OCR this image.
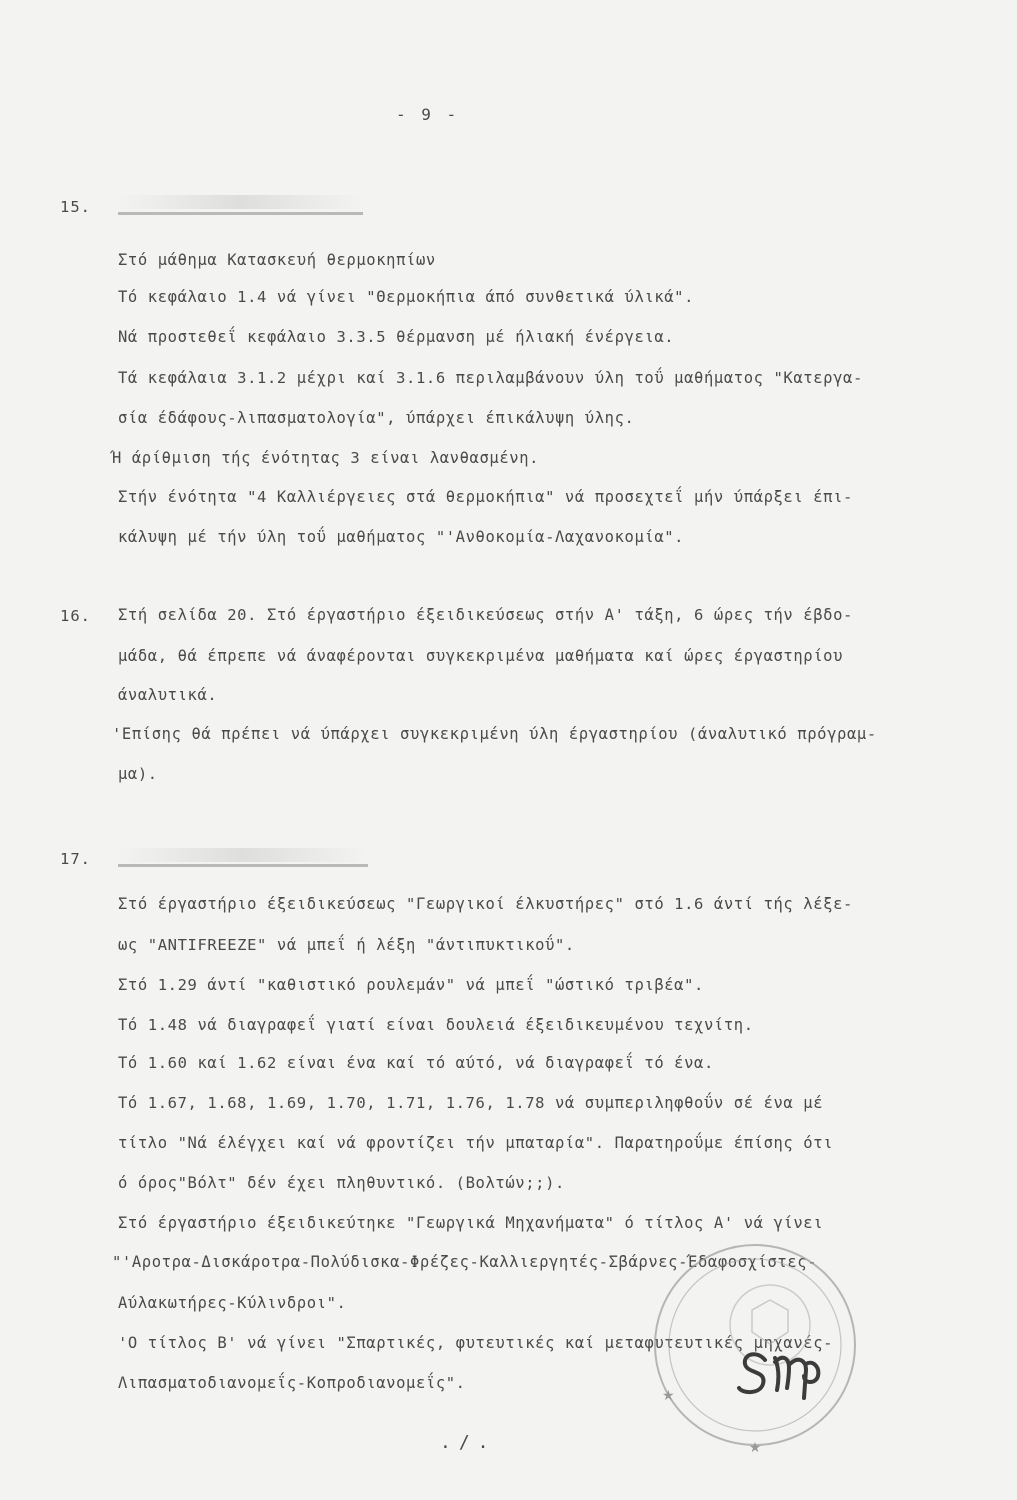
- 9 -
15.
Στό μάθημα Κατασκευή θερμοκηπίων
Τό κεφάλαιο 1.4 νά γίνει "Θερμοκήπια άπό συνθετικά ύλικά".
Νά προστεθεΐ κεφάλαιο 3.3.5 θέρμανση μέ ήλιακή ένέργεια.
Τά κεφάλαια 3.1.2 μέχρι καί 3.1.6 περιλαμβάνουν ύλη τοΰ μαθήματος "Κατεργα-
σία έδάφους-λιπασματολογία", ύπάρχει έπικάλυψη ύλης.
Ή άρίθμιση τής ένότητας 3 είναι λανθασμένη.
Στήν ένότητα "4 Καλλιέργειες στά θερμοκήπια" νά προσεχτεΐ μήν ύπάρξει έπι-
κάλυψη μέ τήν ύλη τοΰ μαθήματος "'Ανθοκομία-Λαχανοκομία".
16. Στή σελίδα 20. Στό έργαστήριο έξειδικεύσεως στήν Α' τάξη, 6 ώρες τήν έβδο-
μάδα, θά έπρεπε νά άναφέρονται συγκεκριμένα μαθήματα καί ώρες έργαστηρίου
άναλυτικά.
'Επίσης θά πρέπει νά ύπάρχει συγκεκριμένη ύλη έργαστηρίου (άναλυτικό πρόγραμ-
μα).
17.
Στό έργαστήριο έξειδικεύσεως "Γεωργικοί έλκυστήρες" στό 1.6 άντί τής λέξε-
ως "ANTIFREEZE" νά μπεΐ ή λέξη "άντιπυκτικοΰ".
Στό 1.29 άντί "καθιστικό ρουλεμάν" νά μπεΐ "ώστικό τριβέα".
Τό 1.48 νά διαγραφεΐ γιατί είναι δουλειά έξειδικευμένου τεχνίτη.
Τό 1.60 καί 1.62 είναι ένα καί τό αύτό, νά διαγραφεΐ τό ένα.
Τό 1.67, 1.68, 1.69, 1.70, 1.71, 1.76, 1.78 νά συμπεριληφθοΰν σέ ένα μέ
τίτλο "Νά έλέγχει καί νά φροντίζει τήν μπαταρία". Παρατηροΰμε έπίσης ότι
ό όρος"Βόλτ" δέν έχει πληθυντικό. (Βολτών;;).
Στό έργαστήριο έξειδικεύτηκε "Γεωργικά Μηχανήματα" ό τίτλος Α' νά γίνει
"'Αροτρα-Δισκάροτρα-Πολύδισκα-Φρέζες-Καλλιεργητές-Σβάρνες-Έδαφοσχίστες-
Αύλακωτήρες-Κύλινδροι".
'Ο τίτλος Β' νά γίνει "Σπαρτικές, φυτευτικές καί μεταφυτευτικές μηχανές-
Λιπασματοδιανομεΐς-Κοπροδιανομεΐς".
★
★
./.
